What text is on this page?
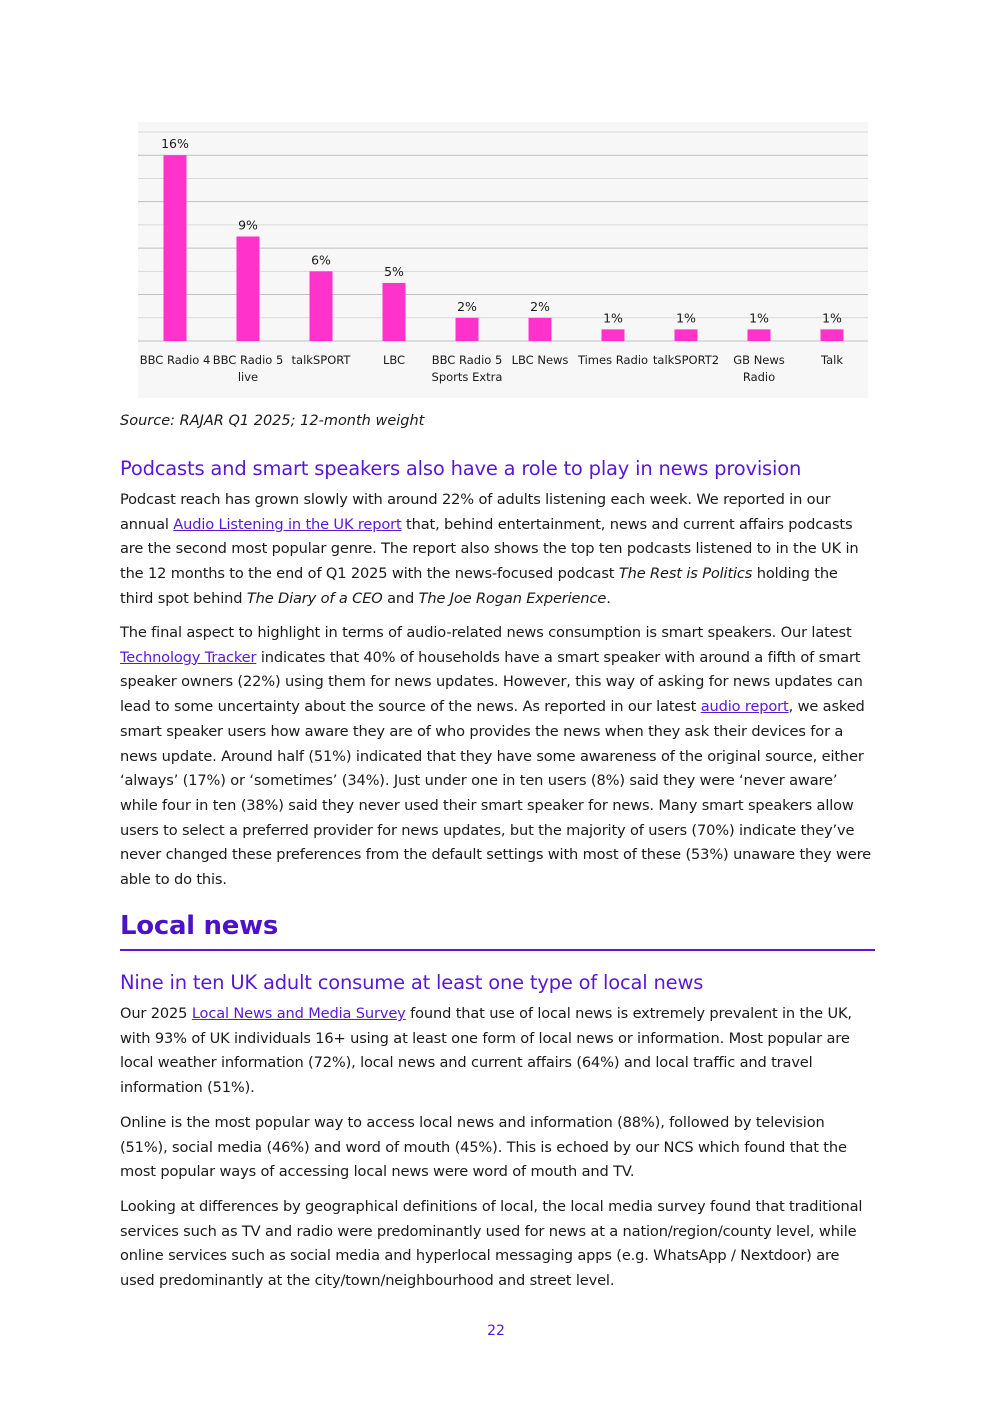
16%
9%
6%
5%
2%	2%
1%	1%	1%	1%
BBC Radio 4 BBC Radio 5 live
talkSPORT	LBC BBC Radio 5 Sports Extra
LBC News Times Radio talkSPORT2 GB News Radio
Talk

Source: RAJAR Q1 2025; 12-month weight

Podcasts and smart speakers also have a role to play in news provision

Podcast reach has grown slowly with around 22% of adults listening each week. We reported in our annual Audio Listening in the UK report that, behind entertainment, news and current affairs podcasts are the second most popular genre. The report also shows the top ten podcasts listened to in the UK in the 12 months to the end of Q1 2025 with the news-focused podcast The Rest is Politics holding the third spot behind The Diary of a CEO and The Joe Rogan Experience.

The final aspect to highlight in terms of audio-related news consumption is smart speakers. Our latest Technology Tracker indicates that 40% of households have a smart speaker with around a fifth of smart speaker owners (22%) using them for news updates. However, this way of asking for news updates can lead to some uncertainty about the source of the news. As reported in our latest audio report, we asked smart speaker users how aware they are of who provides the news when they ask their devices for a news update. Around half (51%) indicated that they have some awareness of the original source, either ‘always’ (17%) or ‘sometimes’ (34%). Just under one in ten users (8%) said they were ‘never aware’ while four in ten (38%) said they never used their smart speaker for news. Many smart speakers allow users to select a preferred provider for news updates, but the majority of users (70%) indicate they’ve never changed these preferences from the default settings with most of these (53%) unaware they were able to do this.

Local news
Nine in ten UK adult consume at least one type of local news

Our 2025 Local News and Media Survey found that use of local news is extremely prevalent in the UK, with 93% of UK individuals 16+ using at least one form of local news or information. Most popular are local weather information (72%), local news and current affairs (64%) and local traffic and travel information (51%).

Online is the most popular way to access local news and information (88%), followed by television (51%), social media (46%) and word of mouth (45%). This is echoed by our NCS which found that the most popular ways of accessing local news were word of mouth and TV.

Looking at differences by geographical definitions of local, the local media survey found that traditional services such as TV and radio were predominantly used for news at a nation/region/county level, while online services such as social media and hyperlocal messaging apps (e.g. WhatsApp / Nextdoor) are used predominantly at the city/town/neighbourhood and street level.

22
